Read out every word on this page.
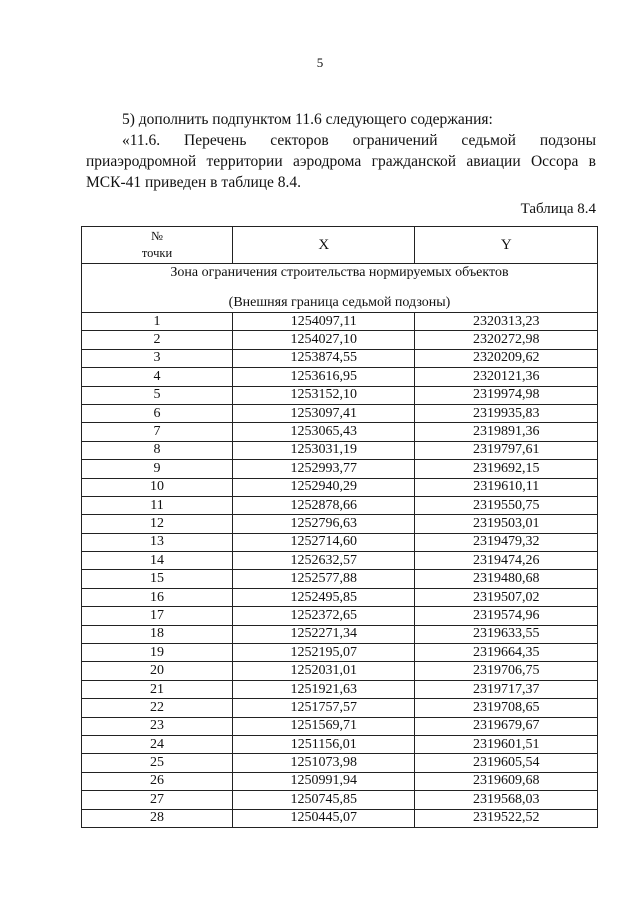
5
5) дополнить подпунктом 11.6 следующего содержания:
«11.6. Перечень секторов ограничений седьмой подзоны приаэродромной территории аэродрома гражданской авиации Оссора в МСК-41 приведен в таблице 8.4.
Таблица 8.4
№
точки	X	Y
Зона ограничения строительства нормируемых объектов
(Внешняя граница седьмой подзоны)		

1	1254097,11	2320313,23
2	1254027,10	2320272,98
3	1253874,55	2320209,62
4	1253616,95	2320121,36
5	1253152,10	2319974,98
6	1253097,41	2319935,83
7	1253065,43	2319891,36
8	1253031,19	2319797,61
9	1252993,77	2319692,15
10	1252940,29	2319610,11
11	1252878,66	2319550,75
12	1252796,63	2319503,01
13	1252714,60	2319479,32
14	1252632,57	2319474,26
15	1252577,88	2319480,68
16	1252495,85	2319507,02
17	1252372,65	2319574,96
18	1252271,34	2319633,55
19	1252195,07	2319664,35
20	1252031,01	2319706,75
21	1251921,63	2319717,37
22	1251757,57	2319708,65
23	1251569,71	2319679,67
24	1251156,01	2319601,51
25	1251073,98	2319605,54
26	1250991,94	2319609,68
27	1250745,85	2319568,03
28	1250445,07	2319522,52
